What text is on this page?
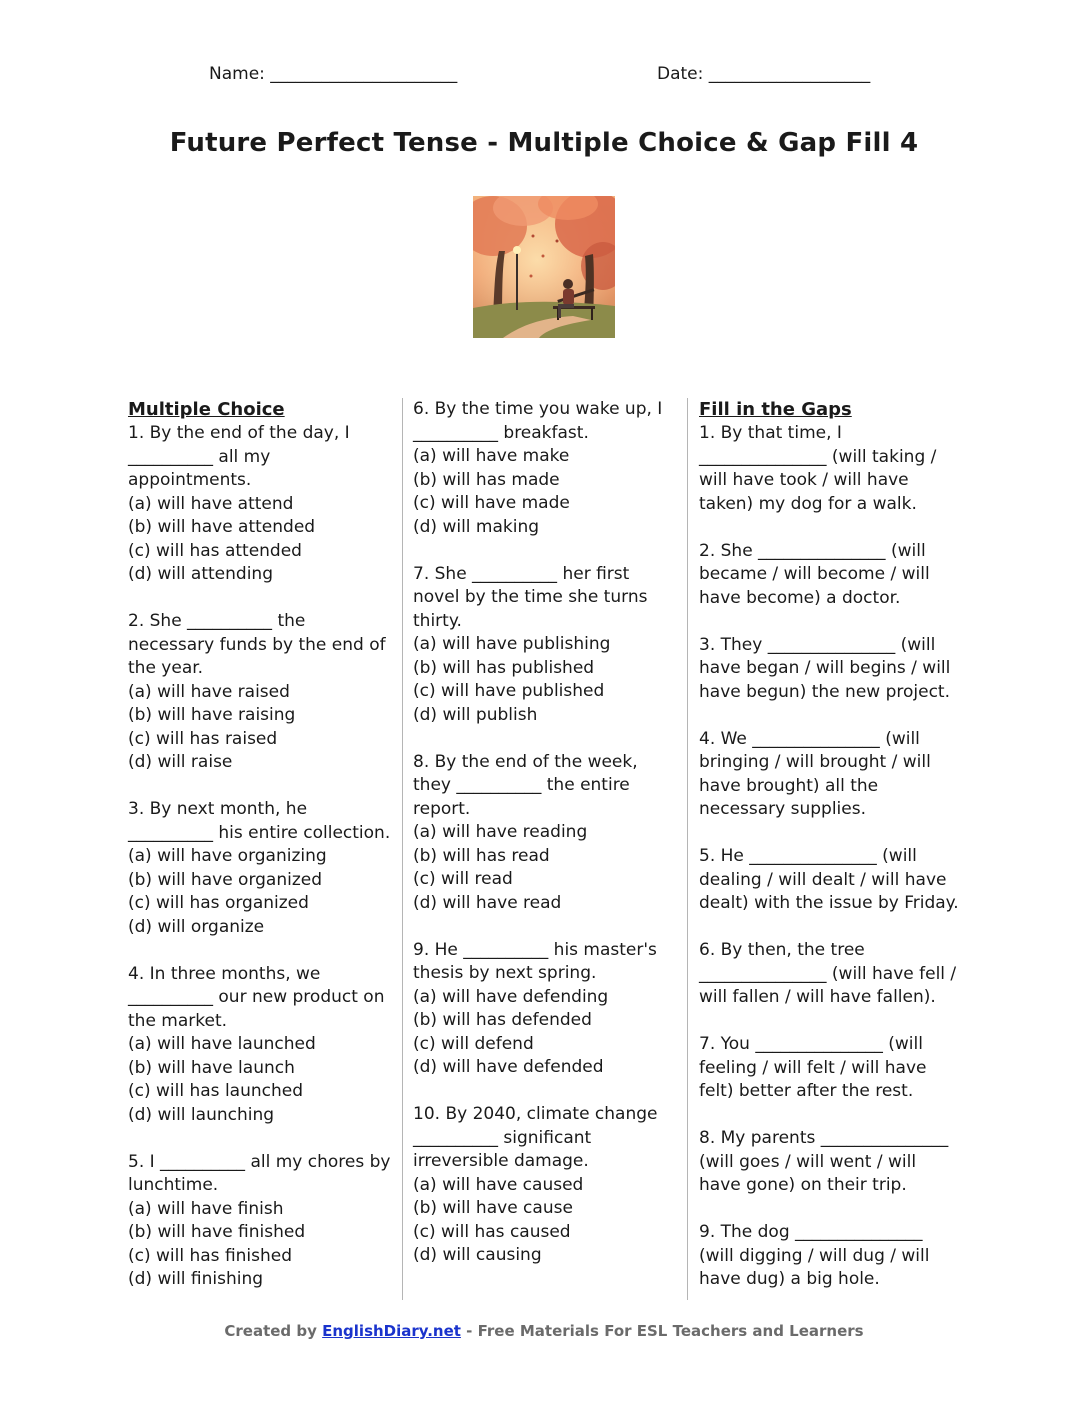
Name: ______________________	Date: ___________________
Future Perfect Tense - Multiple Choice & Gap Fill 4
Multiple Choice

1. By the end of the day, I __________ all my appointments.

(a) will have attend

(b) will have attended

(c) will has attended

(d) will attending

2. She __________ the necessary funds by the end of the year.

(a) will have raised

(b) will have raising

(c) will has raised

(d) will raise

3. By next month, he __________ his entire collection.

(a) will have organizing

(b) will have organized

(c) will has organized

(d) will organize

4. In three months, we __________ our new product on the market.

(a) will have launched

(b) will have launch

(c) will has launched

(d) will launching

5. I __________ all my chores by lunchtime.

(a) will have finish

(b) will have finished

(c) will has finished

(d) will finishing

6. By the time you wake up, I __________ breakfast.

(a) will have make

(b) will has made

(c) will have made

(d) will making

7. She __________ her first novel by the time she turns thirty.

(a) will have publishing

(b) will has published

(c) will have published

(d) will publish

8. By the end of the week, they __________ the entire report.

(a) will have reading

(b) will has read

(c) will read

(d) will have read

9. He __________ his master's thesis by next spring.

(a) will have defending

(b) will has defended

(c) will defend

(d) will have defended

10. By 2040, climate change __________ significant irreversible damage.

(a) will have caused

(b) will have cause

(c) will has caused

(d) will causing

Fill in the Gaps

1. By that time, I _______________ (will taking / will have took / will have taken) my dog for a walk.

2. She _______________ (will became / will become / will have become) a doctor.

3. They _______________ (will have began / will begins / will have begun) the new project.

4. We _______________ (will bringing / will brought / will have brought) all the necessary supplies.

5. He _______________ (will dealing / will dealt / will have dealt) with the issue by Friday.

6. By then, the tree _______________ (will have fell / will fallen / will have fallen).

7. You _______________ (will feeling / will felt / will have felt) better after the rest.

8. My parents _______________ (will goes / will went / will have gone) on their trip.

9. The dog _______________ (will digging / will dug / will have dug) a big hole.

Created by EnglishDiary.net - Free Materials For ESL Teachers and Learners
